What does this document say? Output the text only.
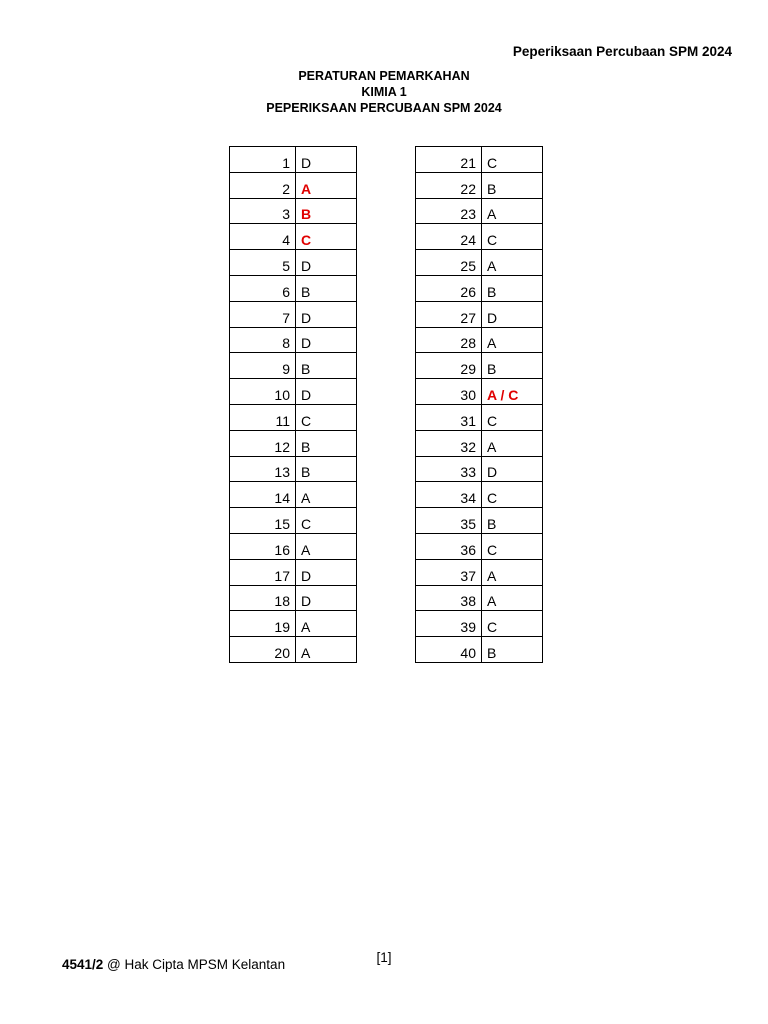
Peperiksaan Percubaan SPM 2024
PERATURAN PEMARKAHAN
KIMIA 1
PEPERIKSAAN PERCUBAAN SPM 2024
1	D
2	A
3	B
4	C
5	D
6	B
7	D
8	D
9	B
10	D
11	C
12	B
13	B
14	A
15	C
16	A
17	D
18	D
19	A
20	A
21	C
22	B
23	A
24	C
25	A
26	B
27	D
28	A
29	B
30	A / C
31	C
32	A
33	D
34	C
35	B
36	C
37	A
38	A
39	C
40	B
[1]
4541/2 @ Hak Cipta MPSM Kelantan
